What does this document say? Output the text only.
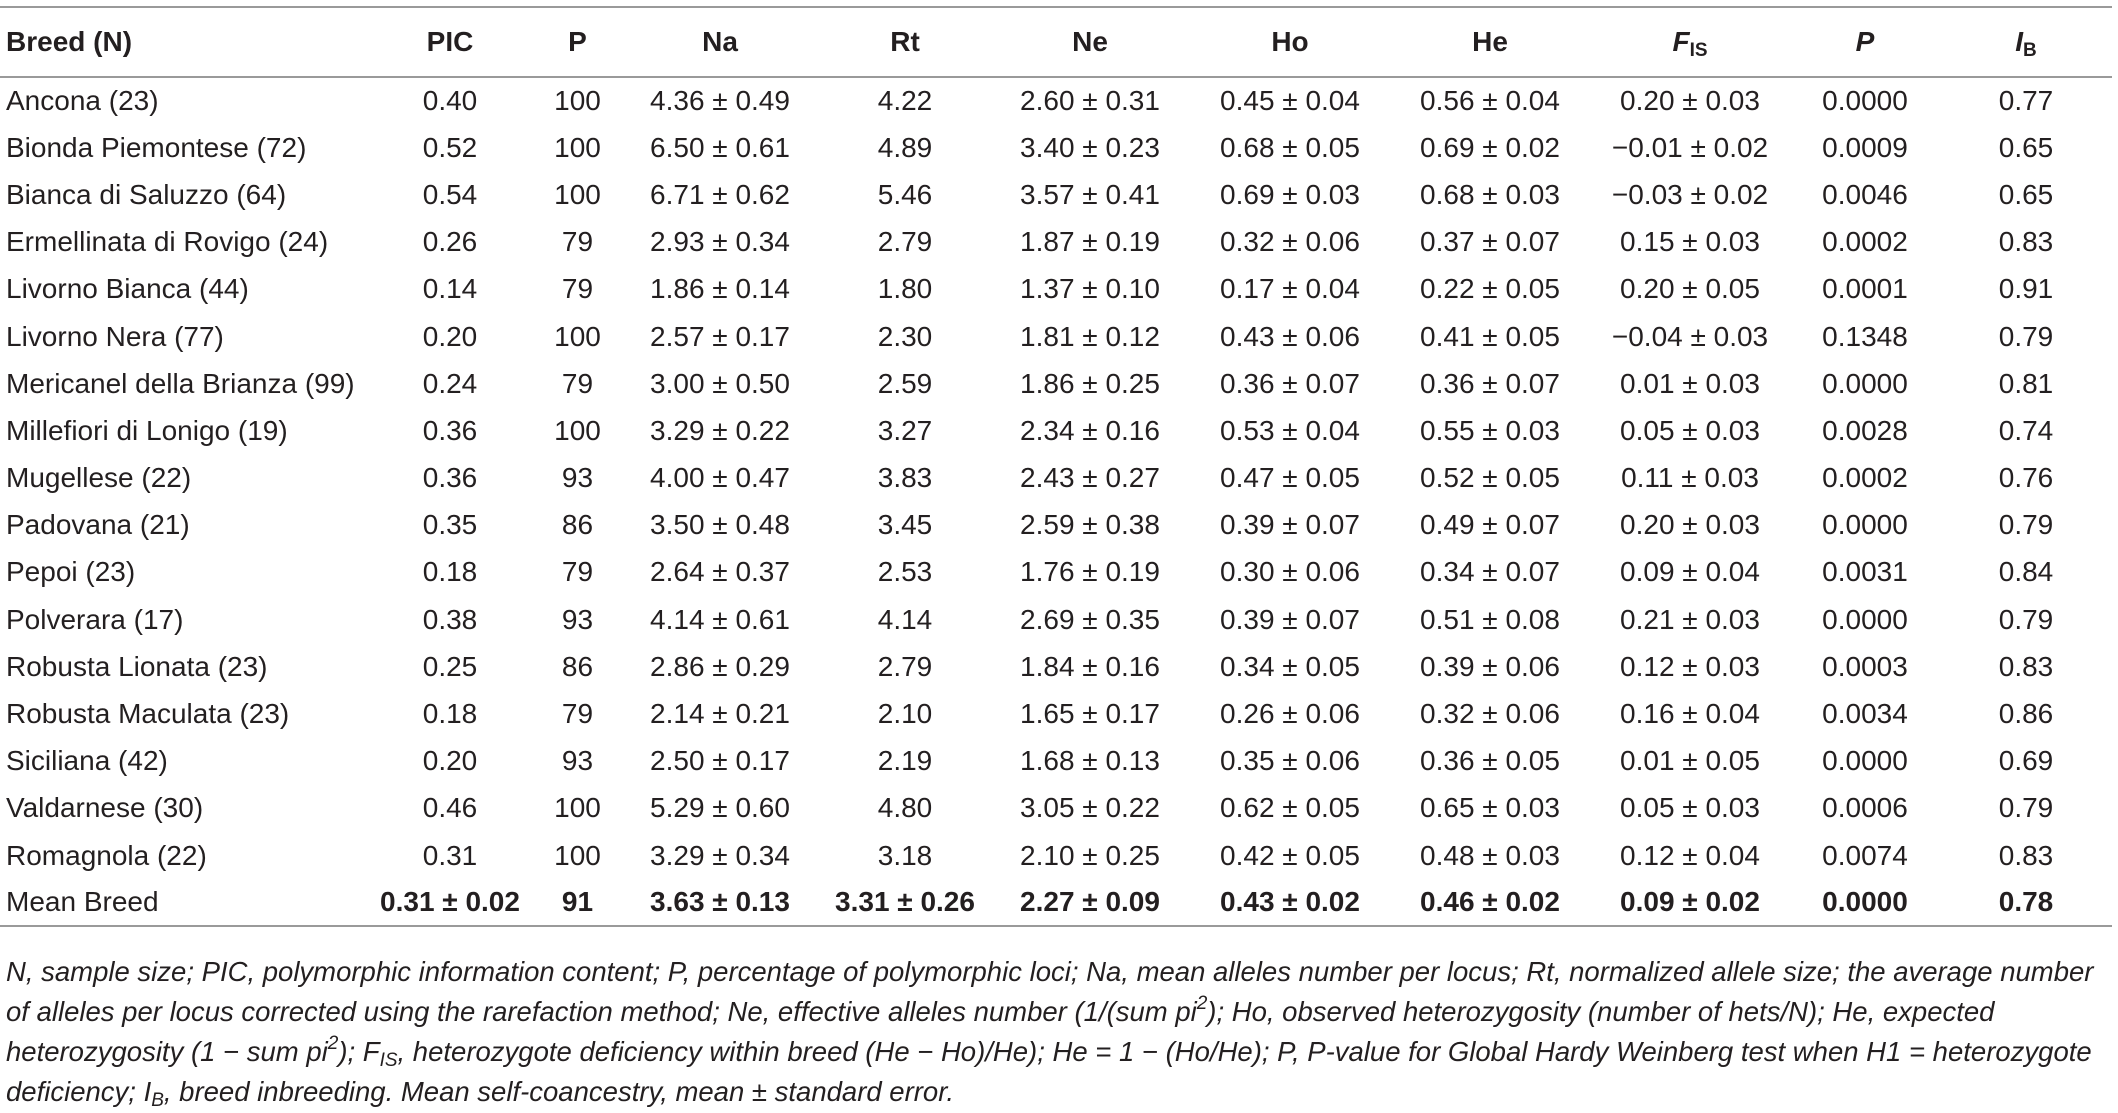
Breed (N)	PIC	P	Na	Rt	Ne	Ho	He	$F_{IS}$	P	$I_B$
Ancona (23)	0.40	100	4.36 ± 0.49	4.22	2.60 ± 0.31	0.45 ± 0.04	0.56 ± 0.04	0.20 ± 0.03	0.0000	0.77
Bionda Piemontese (72)	0.52	100	6.50 ± 0.61	4.89	3.40 ± 0.23	0.68 ± 0.05	0.69 ± 0.02	−0.01 ± 0.02	0.0009	0.65
Bianca di Saluzzo (64)	0.54	100	6.71 ± 0.62	5.46	3.57 ± 0.41	0.69 ± 0.03	0.68 ± 0.03	−0.03 ± 0.02	0.0046	0.65
Ermellinata di Rovigo (24)	0.26	79	2.93 ± 0.34	2.79	1.87 ± 0.19	0.32 ± 0.06	0.37 ± 0.07	0.15 ± 0.03	0.0002	0.83
Livorno Bianca (44)	0.14	79	1.86 ± 0.14	1.80	1.37 ± 0.10	0.17 ± 0.04	0.22 ± 0.05	0.20 ± 0.05	0.0001	0.91
Livorno Nera (77)	0.20	100	2.57 ± 0.17	2.30	1.81 ± 0.12	0.43 ± 0.06	0.41 ± 0.05	−0.04 ± 0.03	0.1348	0.79
Mericanel della Brianza (99)	0.24	79	3.00 ± 0.50	2.59	1.86 ± 0.25	0.36 ± 0.07	0.36 ± 0.07	0.01 ± 0.03	0.0000	0.81
Millefiori di Lonigo (19)	0.36	100	3.29 ± 0.22	3.27	2.34 ± 0.16	0.53 ± 0.04	0.55 ± 0.03	0.05 ± 0.03	0.0028	0.74
Mugellese (22)	0.36	93	4.00 ± 0.47	3.83	2.43 ± 0.27	0.47 ± 0.05	0.52 ± 0.05	0.11 ± 0.03	0.0002	0.76
Padovana (21)	0.35	86	3.50 ± 0.48	3.45	2.59 ± 0.38	0.39 ± 0.07	0.49 ± 0.07	0.20 ± 0.03	0.0000	0.79
Pepoi (23)	0.18	79	2.64 ± 0.37	2.53	1.76 ± 0.19	0.30 ± 0.06	0.34 ± 0.07	0.09 ± 0.04	0.0031	0.84
Polverara (17)	0.38	93	4.14 ± 0.61	4.14	2.69 ± 0.35	0.39 ± 0.07	0.51 ± 0.08	0.21 ± 0.03	0.0000	0.79
Robusta Lionata (23)	0.25	86	2.86 ± 0.29	2.79	1.84 ± 0.16	0.34 ± 0.05	0.39 ± 0.06	0.12 ± 0.03	0.0003	0.83
Robusta Maculata (23)	0.18	79	2.14 ± 0.21	2.10	1.65 ± 0.17	0.26 ± 0.06	0.32 ± 0.06	0.16 ± 0.04	0.0034	0.86
Siciliana (42)	0.20	93	2.50 ± 0.17	2.19	1.68 ± 0.13	0.35 ± 0.06	0.36 ± 0.05	0.01 ± 0.05	0.0000	0.69
Valdarnese (30)	0.46	100	5.29 ± 0.60	4.80	3.05 ± 0.22	0.62 ± 0.05	0.65 ± 0.03	0.05 ± 0.03	0.0006	0.79
Romagnola (22)	0.31	100	3.29 ± 0.34	3.18	2.10 ± 0.25	0.42 ± 0.05	0.48 ± 0.03	0.12 ± 0.04	0.0074	0.83
Mean Breed	0.31 ± 0.02	91	3.63 ± 0.13	3.31 ± 0.26	2.27 ± 0.09	0.43 ± 0.02	0.46 ± 0.02	0.09 ± 0.02	0.0000	0.78
N, sample size; PIC, polymorphic information content; P, percentage of polymorphic loci; Na, mean alleles number per locus; Rt, normalized allele size; the average number of alleles per locus corrected using the rarefaction method; Ne, effective alleles number (1/(sum $pi^2$); Ho, observed heterozygosity (number of hets/N); He, expected heterozygosity (1 − sum $pi^2$); $F_{IS}$, heterozygote deficiency within breed (He − Ho)/He); He = 1 − (Ho/He); P, P-value for Global Hardy Weinberg test when H1 = heterozygote deficiency; $I_B$, breed inbreeding. Mean self-coancestry, mean ± standard error.
